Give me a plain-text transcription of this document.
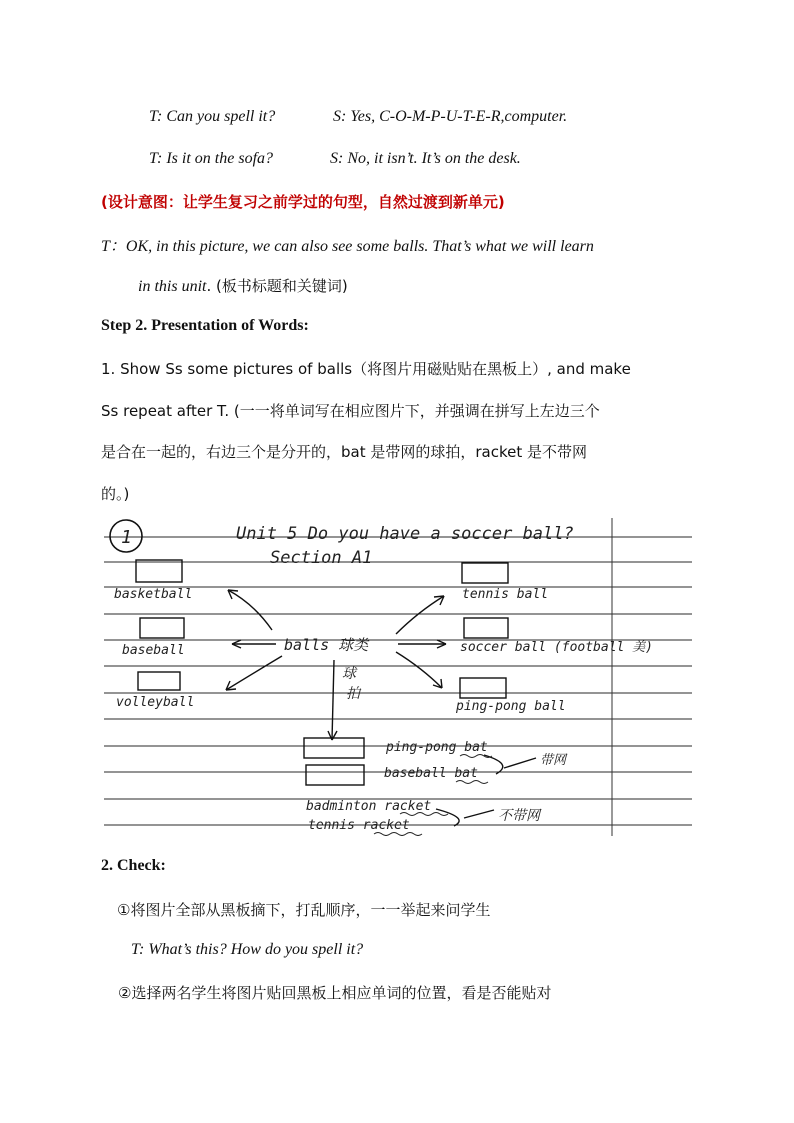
T: Can you spell it?	S: Yes, C-O-M-P-U-T-E-R,computer.
T: Is it on the sofa?	S: No, it isn’t. It’s on the desk.
(设计意图：让学生复习之前学过的句型，自然过渡到新单元)
T：OK, in this picture, we can also see some balls. That’s what we will learn
in this unit. (板书标题和关键词)
Step 2. Presentation of Words:
1. Show Ss some pictures of balls（将图片用磁贴贴在黑板上）, and make
Ss repeat after T. (一一将单词写在相应图片下，并强调在拼写上左边三个
是合在一起的，右边三个是分开的，bat 是带网的球拍，racket 是不带网
的。)
1	Unit 5 Do you have a soccer ball?
Section A1
basketball
baseball
volleyball
tennis ball
soccer ball (football 美)
ping-pong ball
balls 球类
球
拍
ping-pong bat
baseball bat
带网
badminton racket
tennis racket
不带网
2. Check:
①将图片全部从黑板摘下，打乱顺序，一一举起来问学生
T: What’s this? How do you spell it?
②选择两名学生将图片贴回黑板上相应单词的位置，看是否能贴对
